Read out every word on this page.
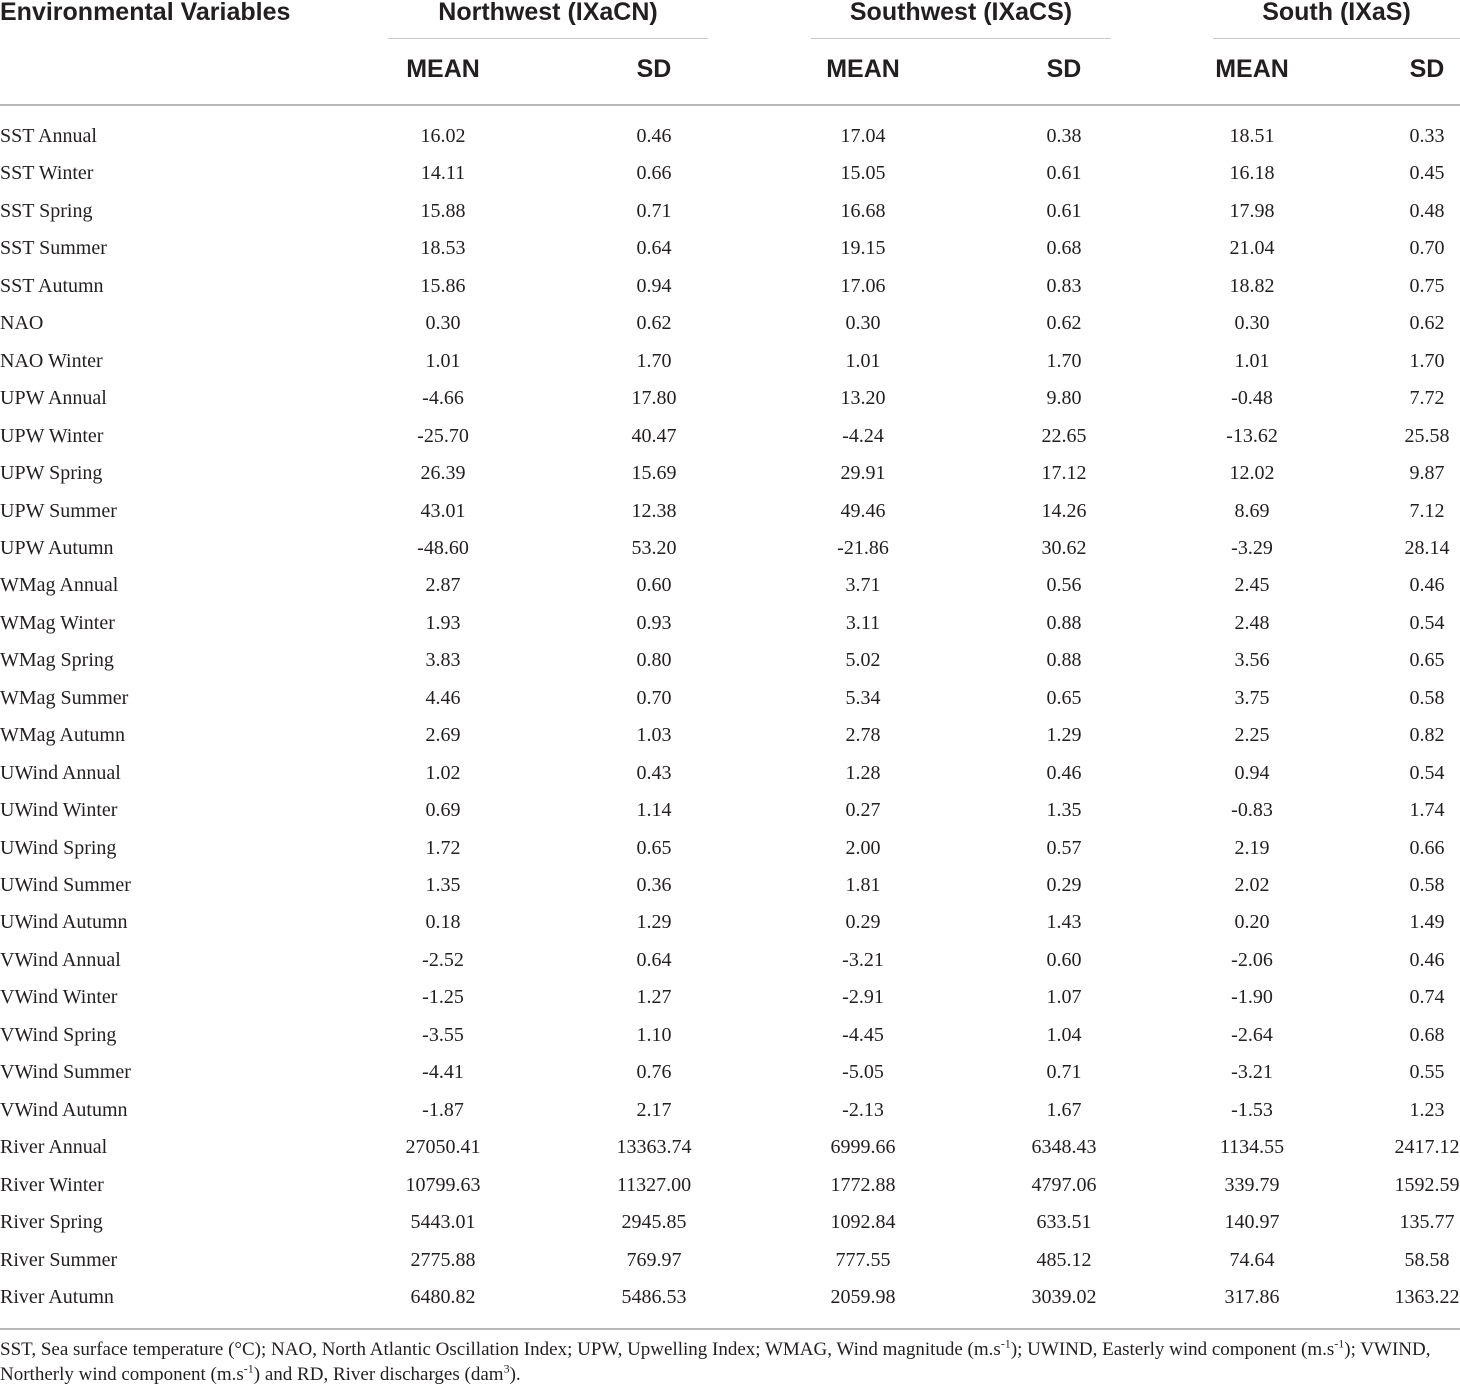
Environmental Variables	Northwest (IXaCN)	Southwest (IXaCS)	South (IXaS)
MEAN	SD	MEAN	SD	MEAN	SD
SST Annual	16.02	0.46	17.04	0.38	18.51	0.33
SST Winter	14.11	0.66	15.05	0.61	16.18	0.45
SST Spring	15.88	0.71	16.68	0.61	17.98	0.48
SST Summer	18.53	0.64	19.15	0.68	21.04	0.70
SST Autumn	15.86	0.94	17.06	0.83	18.82	0.75
NAO	0.30	0.62	0.30	0.62	0.30	0.62
NAO Winter	1.01	1.70	1.01	1.70	1.01	1.70
UPW Annual	-4.66	17.80	13.20	9.80	-0.48	7.72
UPW Winter	-25.70	40.47	-4.24	22.65	-13.62	25.58
UPW Spring	26.39	15.69	29.91	17.12	12.02	9.87
UPW Summer	43.01	12.38	49.46	14.26	8.69	7.12
UPW Autumn	-48.60	53.20	-21.86	30.62	-3.29	28.14
WMag Annual	2.87	0.60	3.71	0.56	2.45	0.46
WMag Winter	1.93	0.93	3.11	0.88	2.48	0.54
WMag Spring	3.83	0.80	5.02	0.88	3.56	0.65
WMag Summer	4.46	0.70	5.34	0.65	3.75	0.58
WMag Autumn	2.69	1.03	2.78	1.29	2.25	0.82
UWind Annual	1.02	0.43	1.28	0.46	0.94	0.54
UWind Winter	0.69	1.14	0.27	1.35	-0.83	1.74
UWind Spring	1.72	0.65	2.00	0.57	2.19	0.66
UWind Summer	1.35	0.36	1.81	0.29	2.02	0.58
UWind Autumn	0.18	1.29	0.29	1.43	0.20	1.49
VWind Annual	-2.52	0.64	-3.21	0.60	-2.06	0.46
VWind Winter	-1.25	1.27	-2.91	1.07	-1.90	0.74
VWind Spring	-3.55	1.10	-4.45	1.04	-2.64	0.68
VWind Summer	-4.41	0.76	-5.05	0.71	-3.21	0.55
VWind Autumn	-1.87	2.17	-2.13	1.67	-1.53	1.23
River Annual	27050.41	13363.74	6999.66	6348.43	1134.55	2417.12
River Winter	10799.63	11327.00	1772.88	4797.06	339.79	1592.59
River Spring	5443.01	2945.85	1092.84	633.51	140.97	135.77
River Summer	2775.88	769.97	777.55	485.12	74.64	58.58
River Autumn	6480.82	5486.53	2059.98	3039.02	317.86	1363.22
SST, Sea surface temperature (°C); NAO, North Atlantic Oscillation Index; UPW, Upwelling Index; WMAG, Wind magnitude $(m.s^{-1})$; UWIND, Easterly wind component $(m.s^{-1})$; VWIND, Northerly wind component $(m.s^{-1})$ and RD, River discharges (dam$^3$).
